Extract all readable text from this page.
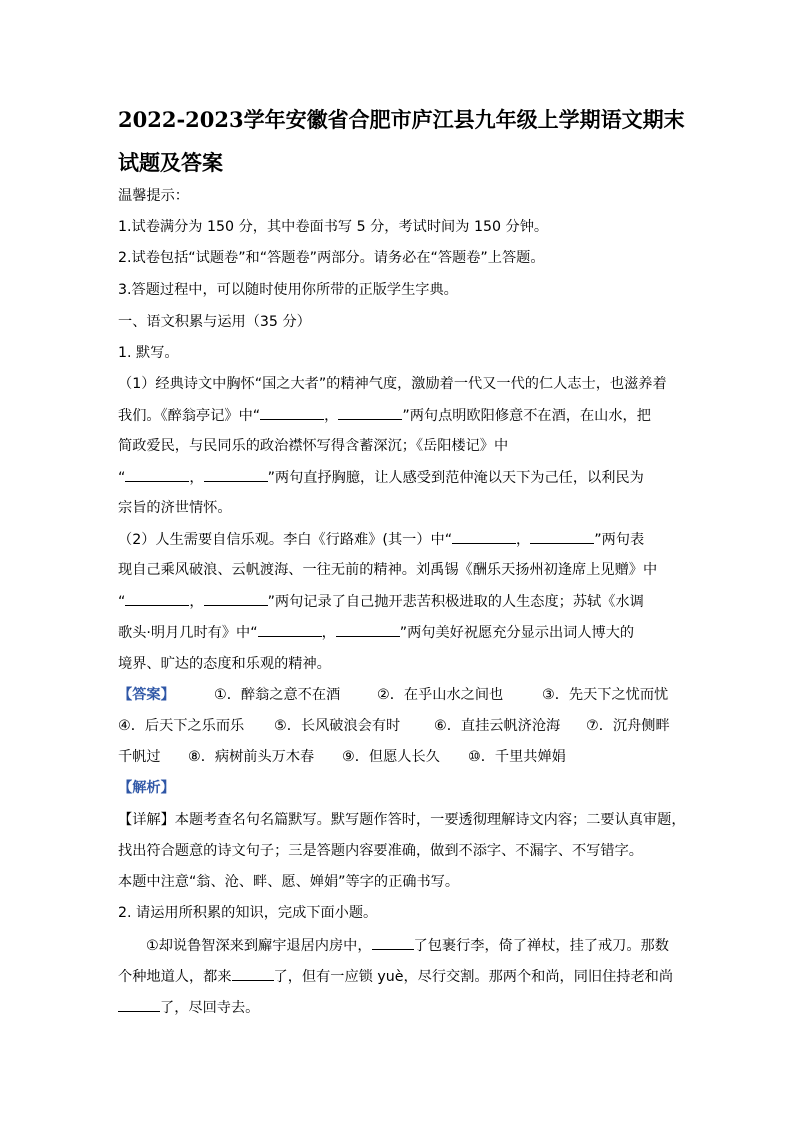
2022-2023学年安徽省合肥市庐江县九年级上学期语文期末
试题及答案
温馨提示：
1.试卷满分为 150 分，其中卷面书写 5 分，考试时间为 150 分钟。
2.试卷包括“试题卷”和“答题卷”两部分。请务必在“答题卷”上答题。
3.答题过程中，可以随时使用你所带的正版学生字典。
一、语文积累与运用（35 分）
1. 默写。
（1）经典诗文中胸怀“国之大者”的精神气度，激励着一代又一代的仁人志士，也滋养着
我们。《醉翁亭记》中“	，	”两句点明欧阳修意不在酒，在山水，把
简政爱民，与民同乐的政治襟怀写得含蓄深沉；《岳阳楼记》中
“	，	”两句直抒胸臆，让人感受到范仲淹以天下为己任，以利民为
宗旨的济世情怀。
（2）人生需要自信乐观。李白《行路难》(其一）中“	，	”两句表
现自己乘风破浪、云帆渡海、一往无前的精神。刘禹锡《酬乐天扬州初逢席上见赠》中
“	，	”两句记录了自己抛开悲苦积极进取的人生态度；苏轼《水调
歌头·明月几时有》中“	，	”两句美好祝愿充分显示出词人博大的
境界、旷达的态度和乐观的精神。
【答案】	①．醉翁之意不在酒	②．在乎山水之间也	③．先天下之忧而忧
④．后天下之乐而乐 ⑤．长风破浪会有时 ⑥．直挂云帆济沧海 ⑦．沉舟侧畔
千帆过 ⑧．病树前头万木春 ⑨．但愿人长久 ⑩．千里共婵娟
【解析】
【详解】本题考查名句名篇默写。默写题作答时，一要透彻理解诗文内容；二要认真审题，
找出符合题意的诗文句子；三是答题内容要准确，做到不添字、不漏字、不写错字。
本题中注意“翁、沧、畔、愿、婵娟”等字的正确书写。
2. 请运用所积累的知识，完成下面小题。
①却说鲁智深来到廨宇退居内房中，	了包裹行李，倚了禅杖，挂了戒刀。那数
个种地道人，都来	了，但有一应锁 yuè，尽行交割。那两个和尚，同旧住持老和尚
了，尽回寺去。
